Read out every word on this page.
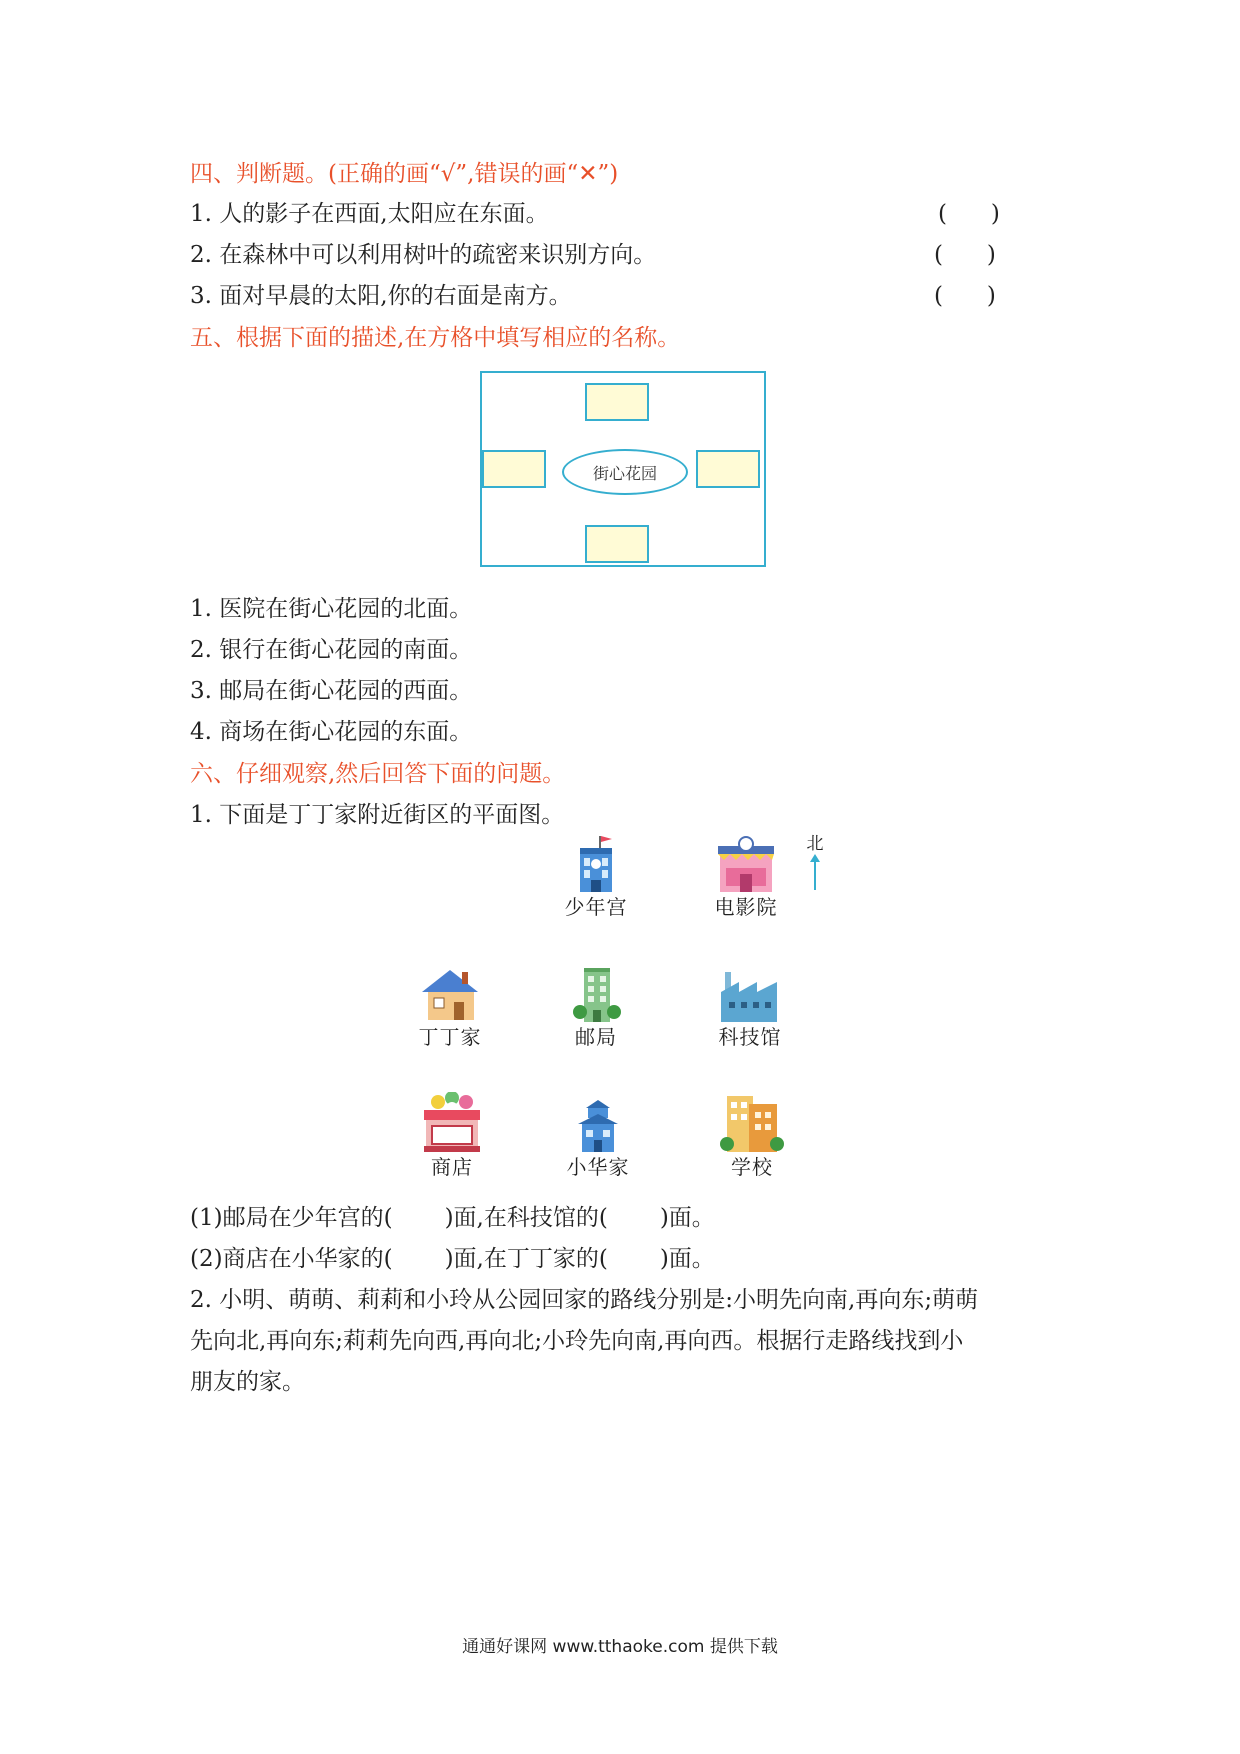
四、判断题。(正确的画“√”,错误的画“✕”)
1. 人的影子在西面,太阳应在东面。	(      )
2. 在森林中可以利用树叶的疏密来识别方向。	(      )
3. 面对早晨的太阳,你的右面是南方。	(      )
五、根据下面的描述,在方格中填写相应的名称。
街心花园
1. 医院在街心花园的北面。
2. 银行在街心花园的南面。
3. 邮局在街心花园的西面。
4. 商场在街心花园的东面。
六、仔细观察,然后回答下面的问题。
1. 下面是丁丁家附近街区的平面图。
少年宫	电影院
北
丁丁家	邮局	科技馆
商店	小华家	学校
(1)邮局在少年宫的( )面,在科技馆的( )面。
(2)商店在小华家的( )面,在丁丁家的( )面。
2. 小明、萌萌、莉莉和小玲从公园回家的路线分别是:小明先向南,再向东;萌萌
先向北,再向东;莉莉先向西,再向北;小玲先向南,再向西。根据行走路线找到小
朋友的家。
通通好课网 www.tthaoke.com 提供下载
